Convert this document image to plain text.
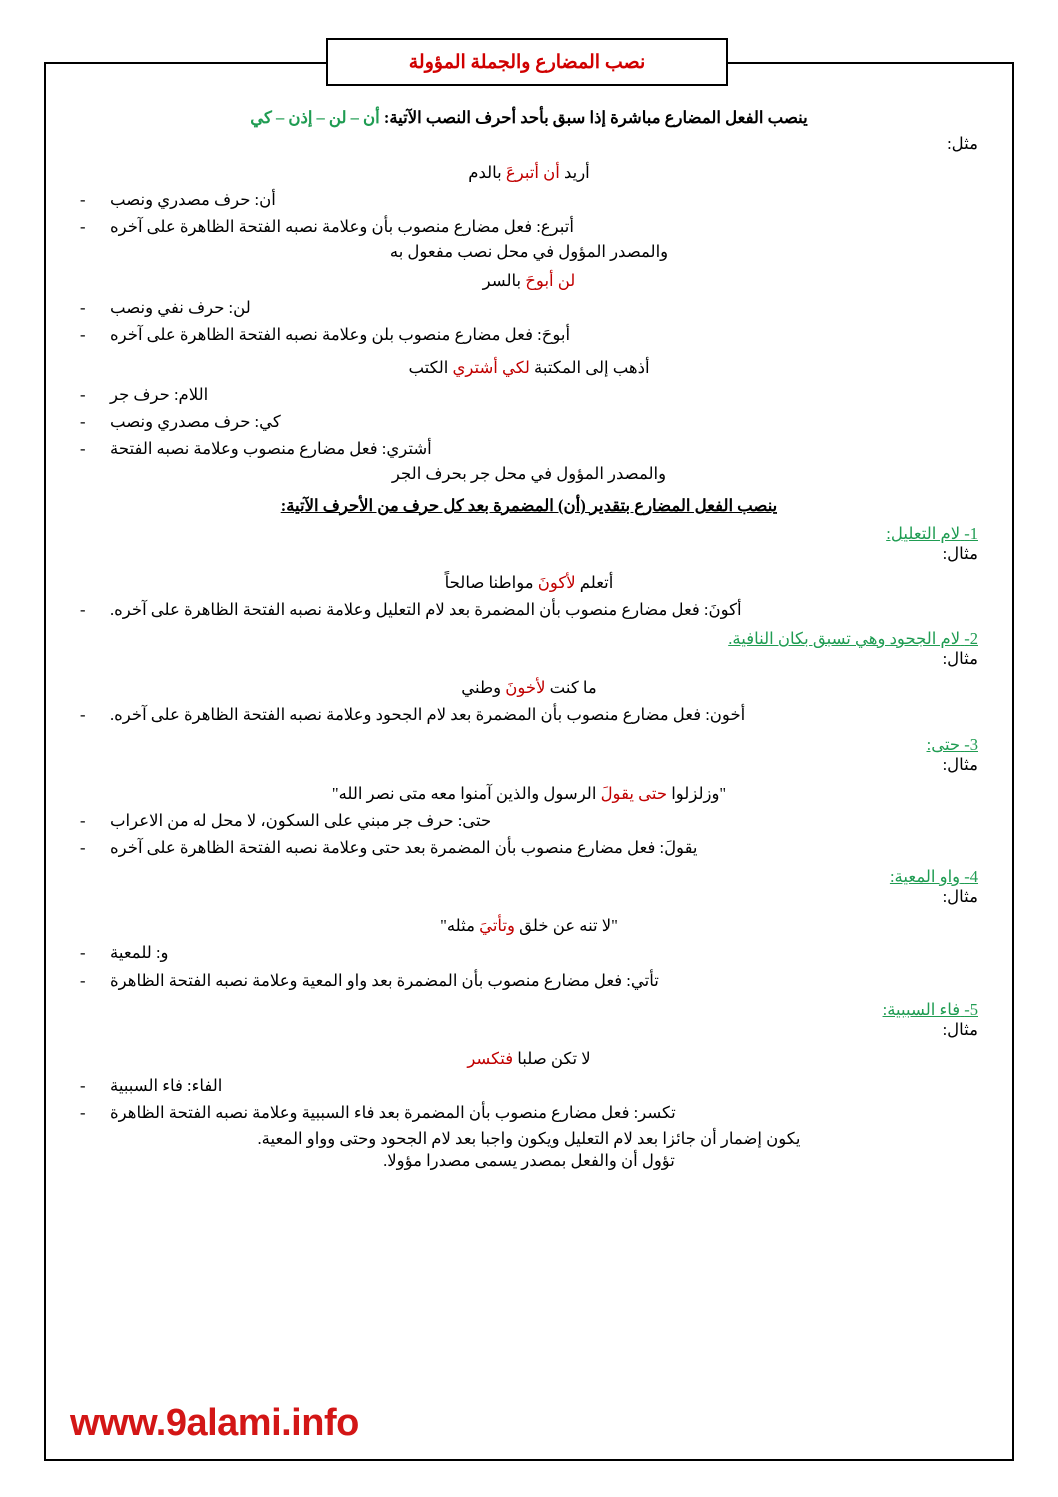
نصب المضارع والجملة المؤولة
ينصب الفعل المضارع مباشرة إذا سبق بأحد أحرف النصب الآتية: أن – لن – إذن – كي
مثل:
أريد أن أتبرعَ بالدم
أن: حرف مصدري ونصب
-
أتبرع: فعل مضارع منصوب بأن وعلامة نصبه الفتحة الظاهرة على آخره
-
والمصدر المؤول في محل نصب مفعول به
لن أبوحَ بالسر
لن: حرف نفي ونصب
-
أبوحَ: فعل مضارع منصوب بلن وعلامة نصبه الفتحة الظاهرة على آخره
-
أذهب إلى المكتبة لكي أشتري الكتب
اللام: حرف جر
-
كي: حرف مصدري ونصب
-
أشتري: فعل مضارع منصوب وعلامة نصبه الفتحة
-
والمصدر المؤول في محل جر بحرف الجر
ينصب الفعل المضارع بتقدير (أن) المضمرة بعد كل حرف من الأحرف الآتية:
1- لام التعليل:
مثال:
أتعلم لأكونَ مواطنا صالحاً
أكونَ: فعل مضارع منصوب بأن المضمرة بعد لام التعليل وعلامة نصبه الفتحة الظاهرة على آخره.
-
2- لام الجحود وهي تسبق بكان النافية.
مثال:
ما كنت لأخونَ وطني
أخون: فعل مضارع منصوب بأن المضمرة بعد لام الجحود وعلامة نصبه الفتحة الظاهرة على آخره.
-
3- حتى:
مثال:
"وزلزلوا حتى يقولَ الرسول والذين آمنوا معه متى نصر الله"
حتى: حرف جر مبني على السكون، لا محل له من الاعراب
-
يقولَ: فعل مضارع منصوب بأن المضمرة بعد حتى وعلامة نصبه الفتحة الظاهرة على آخره
-
4- واو المعية:
مثال:
"لا تنه عن خلق وتأتيَ مثله"
و: للمعية
-
تأتي: فعل مضارع منصوب بأن المضمرة بعد واو المعية وعلامة نصبه الفتحة الظاهرة
-
5- فاء السببية:
مثال:
لا تكن صلبا فتكسر
الفاء: فاء السببية
-
تكسر: فعل مضارع منصوب بأن المضمرة بعد فاء السببية وعلامة نصبه الفتحة الظاهرة
-
يكون إضمار أن جائزا بعد لام التعليل ويكون واجبا بعد لام الجحود وحتى وواو المعية.
تؤول أن والفعل بمصدر يسمى مصدرا مؤولا.
www.9alami.info
